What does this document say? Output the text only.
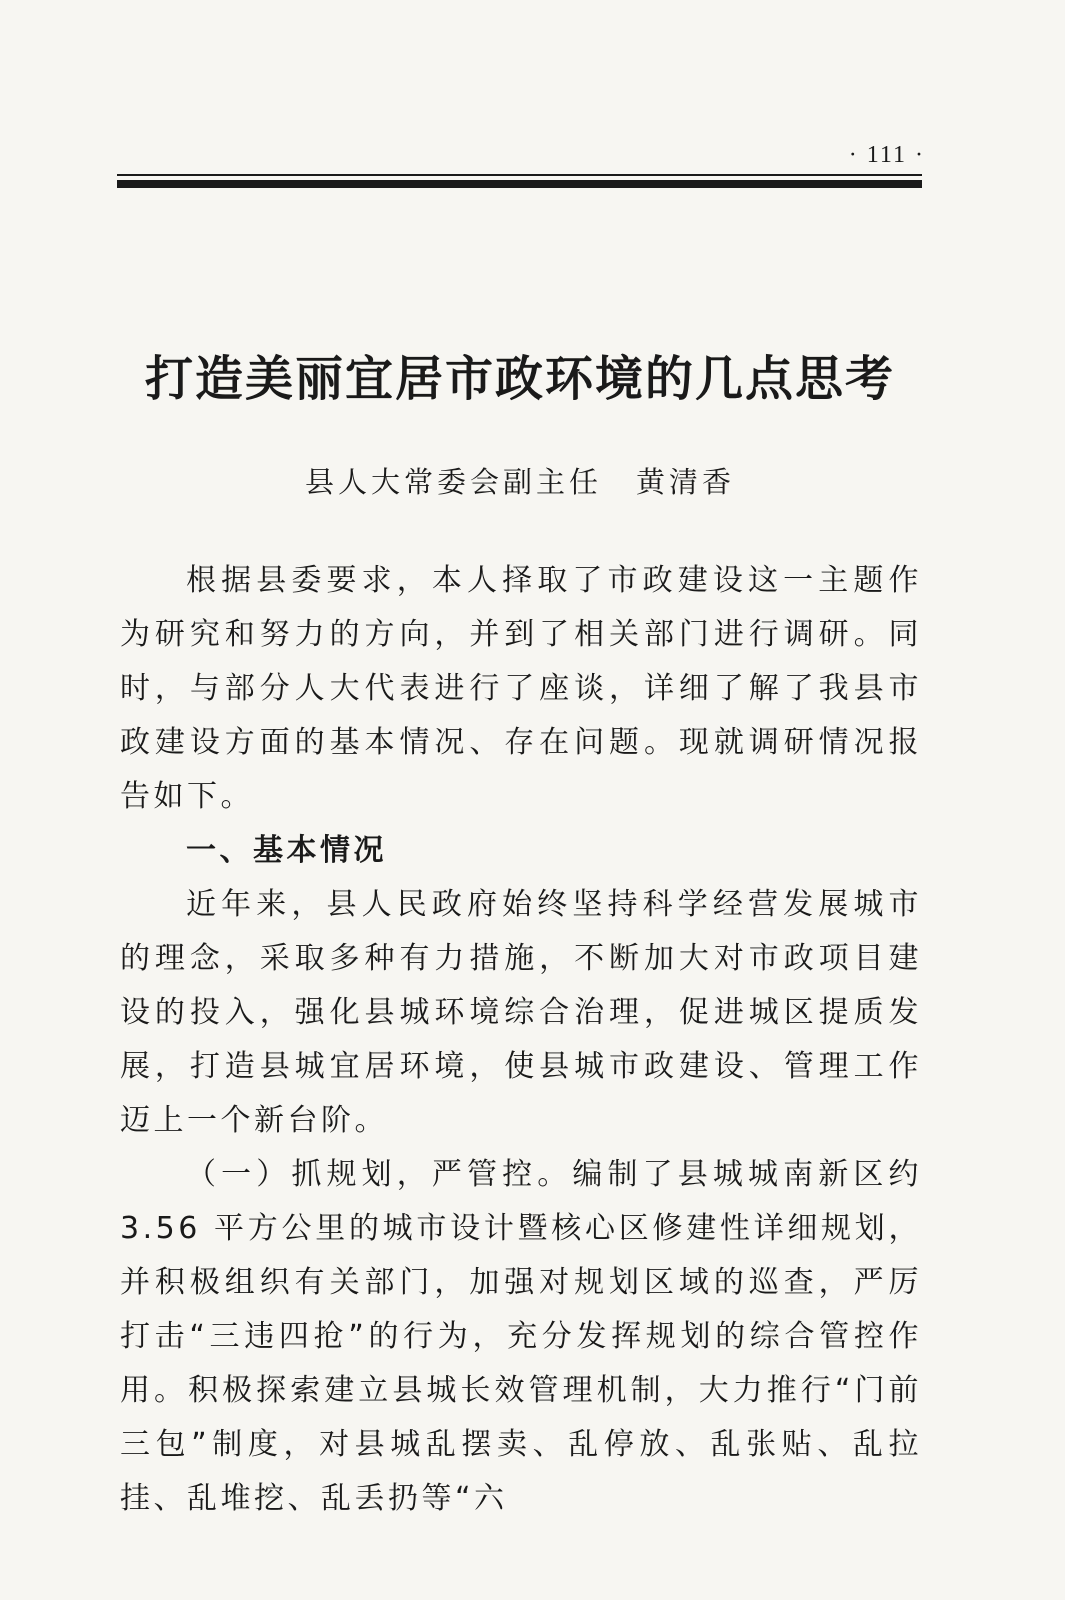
· 111 ·
打造美丽宜居市政环境的几点思考
县人大常委会副主任 黄清香

根据县委要求，本人择取了市政建设这一主题作为研究和努力的方向，并到了相关部门进行调研。同时，与部分人大代表进行了座谈，详细了解了我县市政建设方面的基本情况、存在问题。现就调研情况报告如下。

一、基本情况

近年来，县人民政府始终坚持科学经营发展城市的理念，采取多种有力措施，不断加大对市政项目建设的投入，强化县城环境综合治理，促进城区提质发展，打造县城宜居环境，使县城市政建设、管理工作迈上一个新台阶。

（一）抓规划，严管控。编制了县城城南新区约 3.56 平方公里的城市设计暨核心区修建性详细规划，并积极组织有关部门，加强对规划区域的巡查，严厉打击“三违四抢”的行为，充分发挥规划的综合管控作用。积极探索建立县城长效管理机制，大力推行“门前三包”制度，对县城乱摆卖、乱停放、乱张贴、乱拉挂、乱堆挖、乱丢扔等“六
